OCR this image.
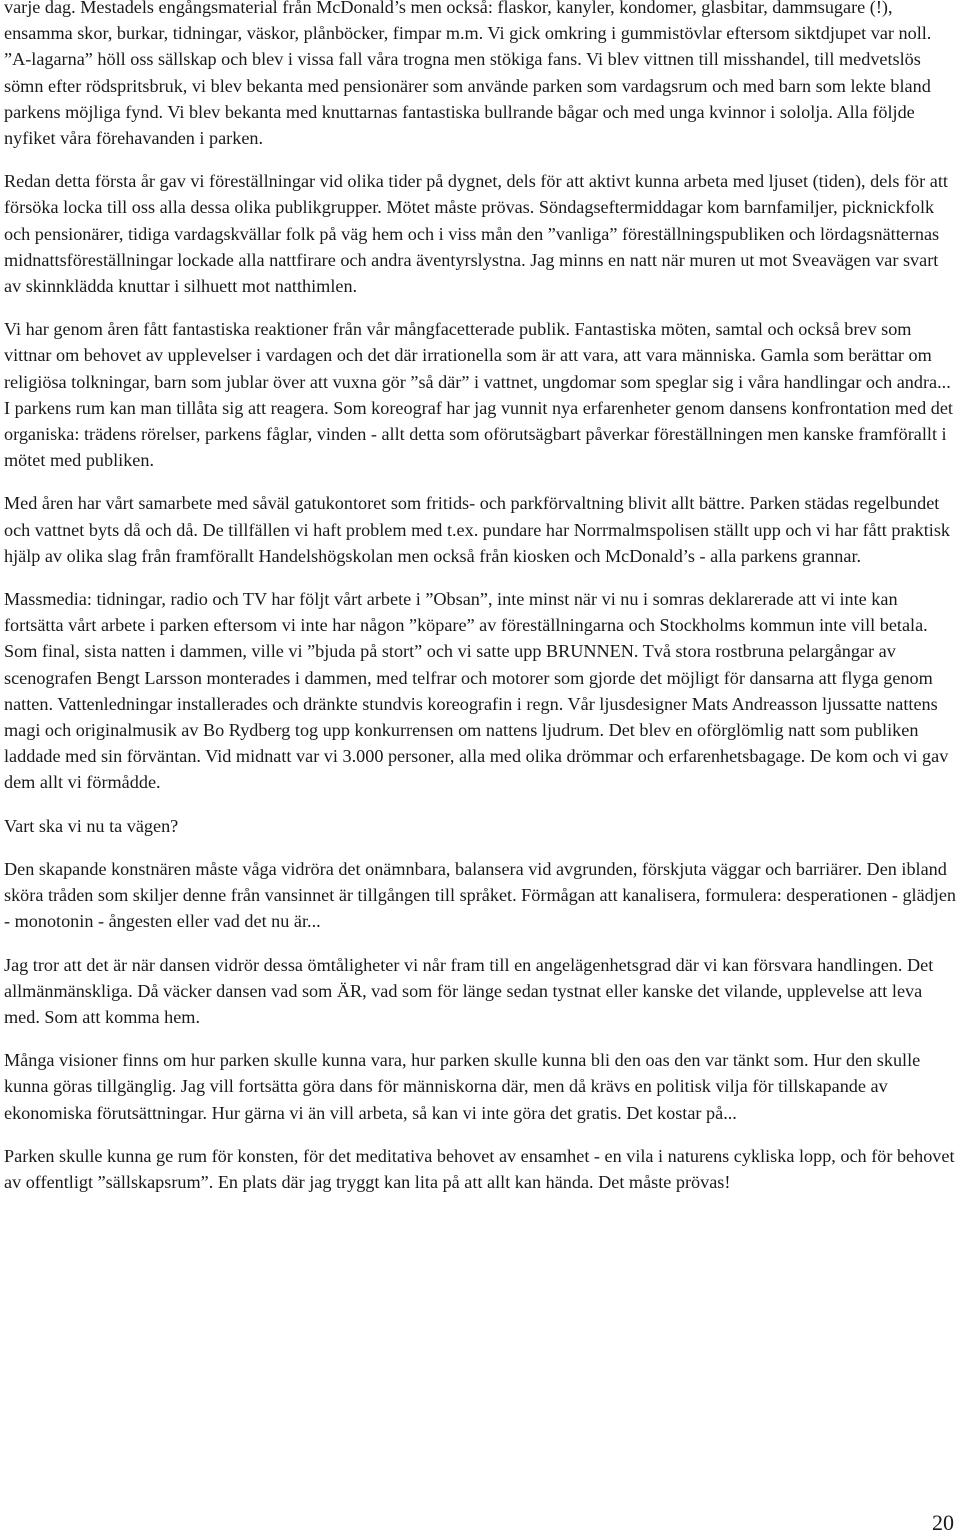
varje dag. Mestadels engångsmaterial från McDonald’s men också: flaskor, kanyler, kondomer, glasbitar, dammsugare (!), ensamma skor, burkar, tidningar, väskor, plånböcker, fimpar m.m. Vi gick omkring i gummistövlar eftersom siktdjupet var noll. ”A-lagarna” höll oss sällskap och blev i vissa fall våra trogna men stökiga fans. Vi blev vittnen till misshandel, till medvetslös sömn efter rödspritsbruk, vi blev bekanta med pensionärer som använde parken som vardagsrum och med barn som lekte bland parkens möjliga fynd. Vi blev bekanta med knuttarnas fantastiska bullrande bågar och med unga kvinnor i sololja. Alla följde nyfiket våra förehavanden i parken.

Redan detta första år gav vi föreställningar vid olika tider på dygnet, dels för att aktivt kunna arbeta med ljuset (tiden), dels för att försöka locka till oss alla dessa olika publikgrupper. Mötet måste prövas. Söndagseftermiddagar kom barnfamiljer, picknickfolk och pensionärer, tidiga vardagskvällar folk på väg hem och i viss mån den ”vanliga” föreställningspubliken och lördagsnätternas midnattsföreställningar lockade alla nattfirare och andra äventyrslystna. Jag minns en natt när muren ut mot Sveavägen var svart av skinnklädda knuttar i silhuett mot natthimlen.

Vi har genom åren fått fantastiska reaktioner från vår mångfacetterade publik. Fantastiska möten, samtal och också brev som vittnar om behovet av upplevelser i vardagen och det där irrationella som är att vara, att vara människa. Gamla som berättar om religiösa tolkningar, barn som jublar över att vuxna gör ”så där” i vattnet, ungdomar som speglar sig i våra handlingar och andra... I parkens rum kan man tillåta sig att reagera. Som koreograf har jag vunnit nya erfarenheter genom dansens konfrontation med det organiska: trädens rörelser, parkens fåglar, vinden - allt detta som oförutsägbart påverkar föreställningen men kanske framförallt i mötet med publiken.

Med åren har vårt samarbete med såväl gatukontoret som fritids- och parkförvaltning blivit allt bättre. Parken städas regelbundet och vattnet byts då och då. De tillfällen vi haft problem med t.ex. pundare har Norrmalmspolisen ställt upp och vi har fått praktisk hjälp av olika slag från framförallt Handelshögskolan men också från kiosken och McDonald’s - alla parkens grannar.

Massmedia: tidningar, radio och TV har följt vårt arbete i ”Obsan”, inte minst när vi nu i somras deklarerade att vi inte kan fortsätta vårt arbete i parken eftersom vi inte har någon ”köpare” av föreställningarna och Stockholms kommun inte vill betala. Som final, sista natten i dammen, ville vi ”bjuda på stort” och vi satte upp BRUNNEN. Två stora rostbruna pelargångar av scenografen Bengt Larsson monterades i dammen, med telfrar och motorer som gjorde det möjligt för dansarna att flyga genom natten. Vattenledningar installerades och dränkte stundvis koreografin i regn. Vår ljusdesigner Mats Andreasson ljussatte nattens magi och originalmusik av Bo Rydberg tog upp konkurrensen om nattens ljudrum. Det blev en oförglömlig natt som publiken laddade med sin förväntan. Vid midnatt var vi 3.000 personer, alla med olika drömmar och erfarenhetsbagage. De kom och vi gav dem allt vi förmådde.

Vart ska vi nu ta vägen?

Den skapande konstnären måste våga vidröra det onämnbara, balansera vid avgrunden, förskjuta väggar och barriärer. Den ibland sköra tråden som skiljer denne från vansinnet är tillgången till språket. Förmågan att kanalisera, formulera: desperationen - glädjen - monotonin - ångesten eller vad det nu är...

Jag tror att det är när dansen vidrör dessa ömtåligheter vi når fram till en angelägenhetsgrad där vi kan försvara handlingen. Det allmänmänskliga. Då väcker dansen vad som ÄR, vad som för länge sedan tystnat eller kanske det vilande, upplevelse att leva med. Som att komma hem.

Många visioner finns om hur parken skulle kunna vara, hur parken skulle kunna bli den oas den var tänkt som. Hur den skulle kunna göras tillgänglig. Jag vill fortsätta göra dans för människorna där, men då krävs en politisk vilja för tillskapande av ekonomiska förutsättningar. Hur gärna vi än vill arbeta, så kan vi inte göra det gratis. Det kostar på...

Parken skulle kunna ge rum för konsten, för det meditativa behovet av ensamhet - en vila i naturens cykliska lopp, och för behovet av offentligt ”sällskapsrum”. En plats där jag tryggt kan lita på att allt kan hända. Det måste prövas!

20
